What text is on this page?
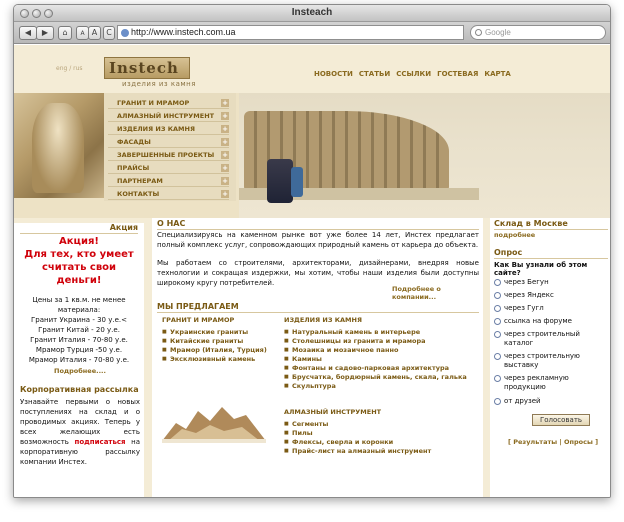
Insteach
◀	▶	⌂	A A	C	http://www.instech.com.ua	Google
eng / rus Instech
изделия из камня
НОВОСТИ СТАТЬИ ССЫЛКИ ГОСТЕВАЯ КАРТА
ГРАНИТ И МРАМОР	+
АЛМАЗНЫЙ ИНСТРУМЕНТ +
ИЗДЕЛИЯ ИЗ КАМНЯ	+
ФАСАДЫ	+
ЗАВЕРШЕННЫЕ ПРОЕКТЫ +
ПРАЙСЫ	+
ПАРТНЕРАМ	+
КОНТАКТЫ	+
Акция
Акция!
Для тех, кто умеет
считать свои
деньги!
Цены за 1 кв.м. не менее
материала:
Гранит Украина - 30 у.е.<
Гранит Китай - 20 у.е.
Гранит Италия - 70-80 у.е.
Мрамор Турция -50 у.е.
Мрамор Италия - 70-80 у.е.
Подробнее....
Корпоративная рассылка
Узнавайте первыми о новых поступлениях на склад и о проводимых акциях. Теперь у всех желающих есть возможность подписаться на корпоративную рассылку компании Инстех.
О НАС
Специализируясь на каменном рынке вот уже более 14 лет, Инстех предлагает полный комплекс услуг, сопровождающих природный камень от карьера до объекта.
Мы работаем со строителями, архитекторами, дизайнерами, внедряя новые технологии и сокращая издержки, мы хотим, чтобы наши изделия были доступны широкому кругу потребителей.
Подробнее о компании...
МЫ ПРЕДЛАГАЕМ
ГРАНИТ И МРАМОР
■ Украинские граниты
■ Китайские граниты
■ Мрамор (Италия, Турция)
■ Эксклюзивный камень
ИЗДЕЛИЯ ИЗ КАМНЯ
■ Натуральный камень в интерьере
■ Столешницы из гранита и мрамора
■ Мозаика и мозаичное панно
■ Камины
■ Фонтаны и садово-парковая архитектура
■ Брусчатка, бордюрный камень, скала, галька
■ Скульптура
АЛМАЗНЫЙ ИНСТРУМЕНТ
■ Сегменты
■ Пилы
■ Флексы, сверла и коронки
■ Прайс-лист на алмазный инструмент
Склад в Москве
подробнее
Опрос
Как Вы узнали об этом сайте?
через Бегун
через Яндекс
через Гугл
ссылка на форуме
через строительный каталог
через строительную выставку
через рекламную продукцию
от друзей
Голосовать
[ Результаты | Опросы ]
